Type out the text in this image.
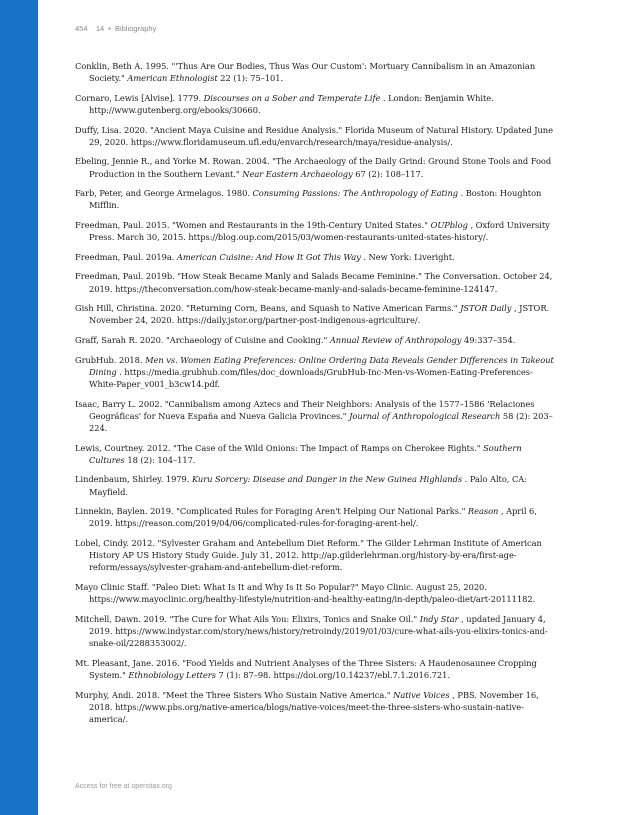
454 14 • Bibliography

Conklin, Beth A. 1995. "'Thus Are Our Bodies, Thus Was Our Custom': Mortuary Cannibalism in an Amazonian Society." American Ethnologist 22 (1): 75–101.

Cornaro, Lewis [Alvise]. 1779. Discourses on a Sober and Temperate Life . London: Benjamin White. http://www.gutenberg.org/ebooks/30660.

Duffy, Lisa. 2020. "Ancient Maya Cuisine and Residue Analysis." Florida Museum of Natural History. Updated June 29, 2020. https://www.floridamuseum.ufl.edu/envarch/research/maya/residue-analysis/.

Ebeling, Jennie R., and Yorke M. Rowan. 2004. "The Archaeology of the Daily Grind: Ground Stone Tools and Food Production in the Southern Levant." Near Eastern Archaeology 67 (2): 108–117.

Farb, Peter, and George Armelagos. 1980. Consuming Passions: The Anthropology of Eating . Boston: Houghton Mifflin.

Freedman, Paul. 2015. "Women and Restaurants in the 19th-Century United States." OUPblog , Oxford University Press. March 30, 2015. https://blog.oup.com/2015/03/women-restaurants-united-states-history/.

Freedman, Paul. 2019a. American Cuisine: And How It Got This Way . New York: Liveright.

Freedman, Paul. 2019b. "How Steak Became Manly and Salads Became Feminine." The Conversation. October 24, 2019. https://theconversation.com/how-steak-became-manly-and-salads-became-feminine-124147.

Gish Hill, Christina. 2020. "Returning Corn, Beans, and Squash to Native American Farms." JSTOR Daily , JSTOR. November 24, 2020. https://daily.jstor.org/partner-post-indigenous-agriculture/.

Graff, Sarah R. 2020. "Archaeology of Cuisine and Cooking." Annual Review of Anthropology 49:337–354.

GrubHub. 2018. Men vs. Women Eating Preferences: Online Ordering Data Reveals Gender Differences in Takeout Dining . https://media.grubhub.com/files/doc_downloads/GrubHub-Inc-Men-vs-Women-Eating-Preferences-White-Paper_v001_b3cw14.pdf.

Isaac, Barry L. 2002. "Cannibalism among Aztecs and Their Neighbors: Analysis of the 1577–1586 'Relaciones Geográficas' for Nueva España and Nueva Galicia Provinces." Journal of Anthropological Research 58 (2): 203–224.

Lewis, Courtney. 2012. "The Case of the Wild Onions: The Impact of Ramps on Cherokee Rights." Southern Cultures 18 (2): 104–117.

Lindenbaum, Shirley. 1979. Kuru Sorcery: Disease and Danger in the New Guinea Highlands . Palo Alto, CA: Mayfield.

Linnekin, Baylen. 2019. "Complicated Rules for Foraging Aren't Helping Our National Parks." Reason , April 6, 2019. https://reason.com/2019/04/06/complicated-rules-for-foraging-arent-hel/.

Lobel, Cindy. 2012. "Sylvester Graham and Antebellum Diet Reform." The Gilder Lehrman Institute of American History AP US History Study Guide. July 31, 2012. http://ap.gilderlehrman.org/history-by-era/first-age-reform/essays/sylvester-graham-and-antebellum-diet-reform.

Mayo Clinic Staff. "Paleo Diet: What Is It and Why Is It So Popular?" Mayo Clinic. August 25, 2020. https://www.mayoclinic.org/healthy-lifestyle/nutrition-and-healthy-eating/in-depth/paleo-diet/art-20111182.

Mitchell, Dawn. 2019. "The Cure for What Ails You: Elixirs, Tonics and Snake Oil." Indy Star , updated January 4, 2019. https://www.indystar.com/story/news/history/retroindy/2019/01/03/cure-what-ails-you-elixirs-tonics-and-snake-oil/2288353002/.

Mt. Pleasant, Jane. 2016. "Food Yields and Nutrient Analyses of the Three Sisters: A Haudenosaunee Cropping System." Ethnobiology Letters 7 (1): 87–98. https://doi.org/10.14237/ebl.7.1.2016.721.

Murphy, Andi. 2018. "Meet the Three Sisters Who Sustain Native America." Native Voices , PBS. November 16, 2018. https://www.pbs.org/native-america/blogs/native-voices/meet-the-three-sisters-who-sustain-native-america/.

Access for free at openstax.org
